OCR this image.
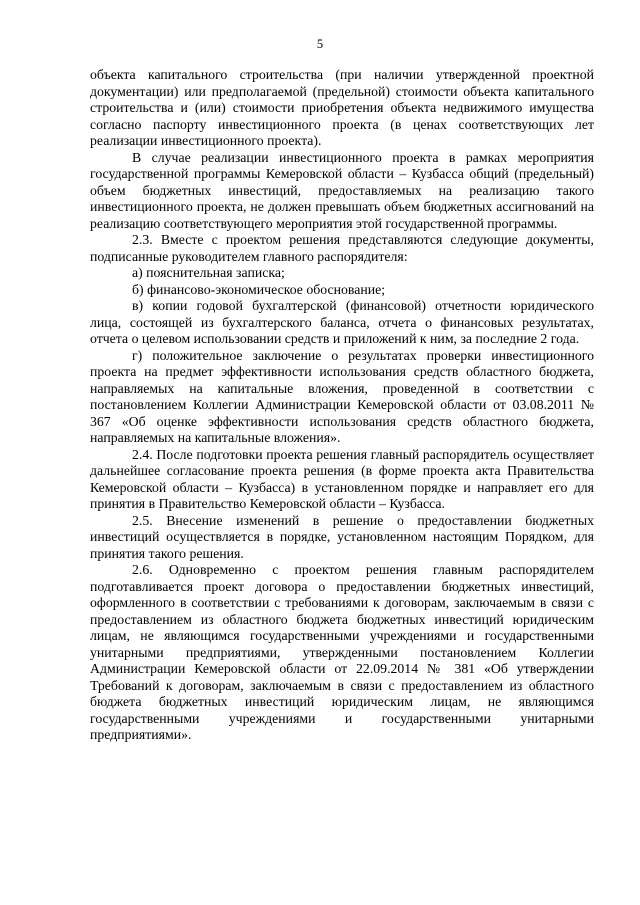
5

объекта капитального строительства (при наличии утвержденной проектной документации) или предполагаемой (предельной) стоимости объекта капитального строительства и (или) стоимости приобретения объекта недвижимого имущества согласно паспорту инвестиционного проекта (в ценах соответствующих лет реализации инвестиционного проекта).

В случае реализации инвестиционного проекта в рамках мероприятия государственной программы Кемеровской области – Кузбасса общий (предельный) объем бюджетных инвестиций, предоставляемых на реализацию такого инвестиционного проекта, не должен превышать объем бюджетных ассигнований на реализацию соответствующего мероприятия этой государственной программы.

2.3. Вместе с проектом решения представляются следующие документы, подписанные руководителем главного распорядителя:

а) пояснительная записка;

б) финансово-экономическое обоснование;

в) копии годовой бухгалтерской (финансовой) отчетности юридического лица, состоящей из бухгалтерского баланса, отчета о финансовых результатах, отчета о целевом использовании средств и приложений к ним, за последние 2 года.

г) положительное заключение о результатах проверки инвестиционного проекта на предмет эффективности использования средств областного бюджета, направляемых на капитальные вложения, проведенной в соответствии с постановлением Коллегии Администрации Кемеровской области от 03.08.2011 № 367 «Об оценке эффективности использования средств областного бюджета, направляемых на капитальные вложения».

2.4. После подготовки проекта решения главный распорядитель осуществляет дальнейшее согласование проекта решения (в форме проекта акта Правительства Кемеровской области – Кузбасса) в установленном порядке и направляет его для принятия в Правительство Кемеровской области – Кузбасса.

2.5. Внесение изменений в решение о предоставлении бюджетных инвестиций осуществляется в порядке, установленном настоящим Порядком, для принятия такого решения.

2.6. Одновременно с проектом решения главным распорядителем подготавливается проект договора о предоставлении бюджетных инвестиций, оформленного в соответствии с требованиями к договорам, заключаемым в связи с предоставлением из областного бюджета бюджетных инвестиций юридическим лицам, не являющимся государственными учреждениями и государственными унитарными предприятиями, утвержденными постановлением Коллегии Администрации Кемеровской области от 22.09.2014 № 381 «Об утверждении Требований к договорам, заключаемым в связи с предоставлением из областного бюджета бюджетных инвестиций юридическим лицам, не являющимся государственными учреждениями и государственными унитарными предприятиями».
